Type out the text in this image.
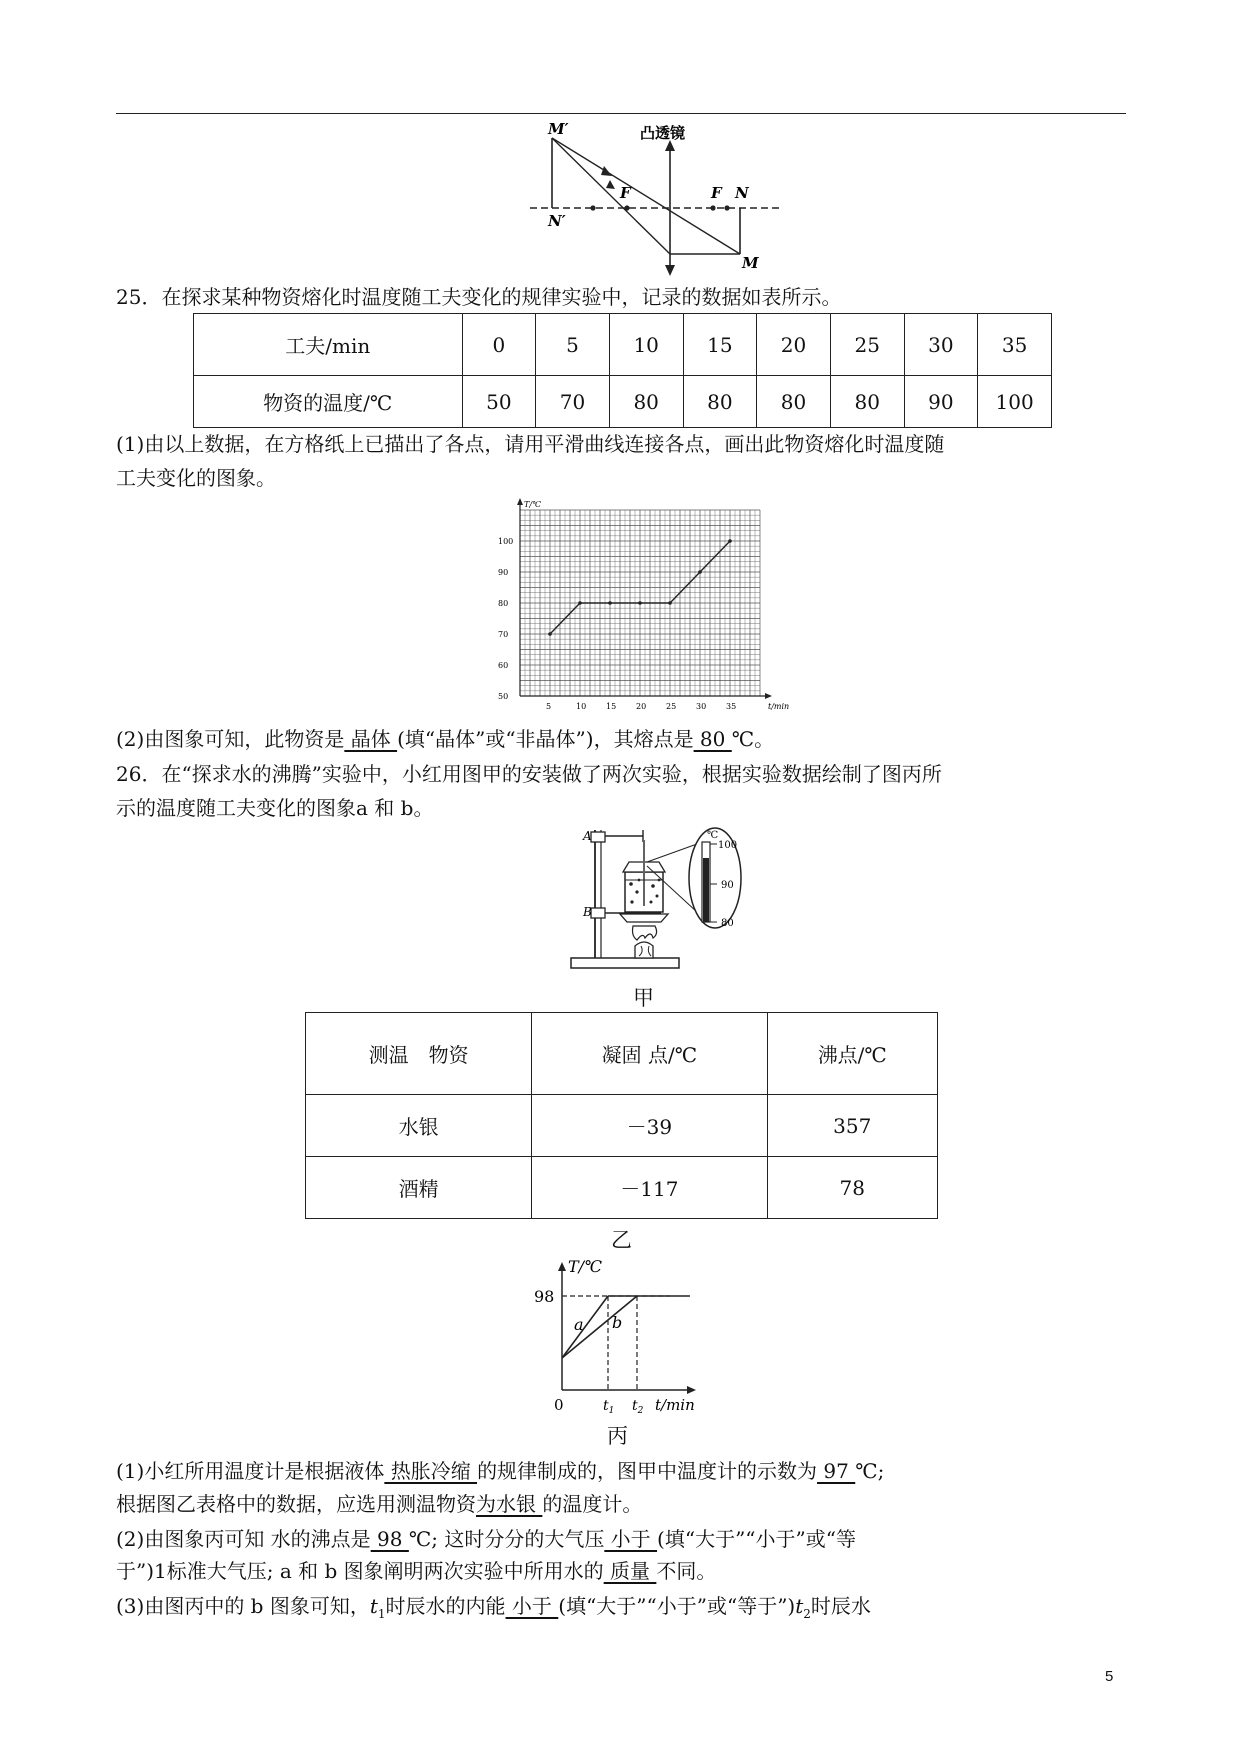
凸透镜
M′
N′
F	F N
M
25．在探求某种物资熔化时温度随工夫变化的规律实验中，记录的数据如表所示。
工夫/min	0	5	10	15	20	25	30	35
物资的温度/℃	50	70	80	80	80	80	90	100
(1)由以上数据，在方格纸上已描出了各点，请用平滑曲线连接各点，画出此物资熔化时温度随
工夫变化的图象。
5	10 15 20 25 30 35
50
60
70
80
90
100
T/℃
t/min
(2)由图象可知，此物资是 晶体 (填“晶体”或“非晶体”)，其熔点是 80 ℃。
26．在“探求水的沸腾”实验中，小红用图甲的安装做了两次实验，根据实验数据绘制了图丙所
示的温度随工夫变化的图象a 和 b。
A
B
℃
100
90
80
甲
测温　物资	凝固 点/℃	沸点/℃
水银	－39	357
酒精	－117	78
乙
T/℃
98
0	$t_1$ $t_2$ t/min
a b
丙
(1)小红所用温度计是根据液体 热胀冷缩 的规律制成的，图甲中温度计的示数为 97 ℃;
根据图乙表格中的数据，应选用测温物资为水银 的温度计。
(2)由图象丙可知 水的沸点是 98 ℃; 这时分分的大气压 小于 (填“大于”“小于”或“等
于”)1标准大气压; a 和 b 图象阐明两次实验中所用水的 质量 不同。
(3)由图丙中的 b 图象可知，$t_1$时辰水的内能 小于 (填“大于”“小于”或“等于$”)t_2$时辰水
5
